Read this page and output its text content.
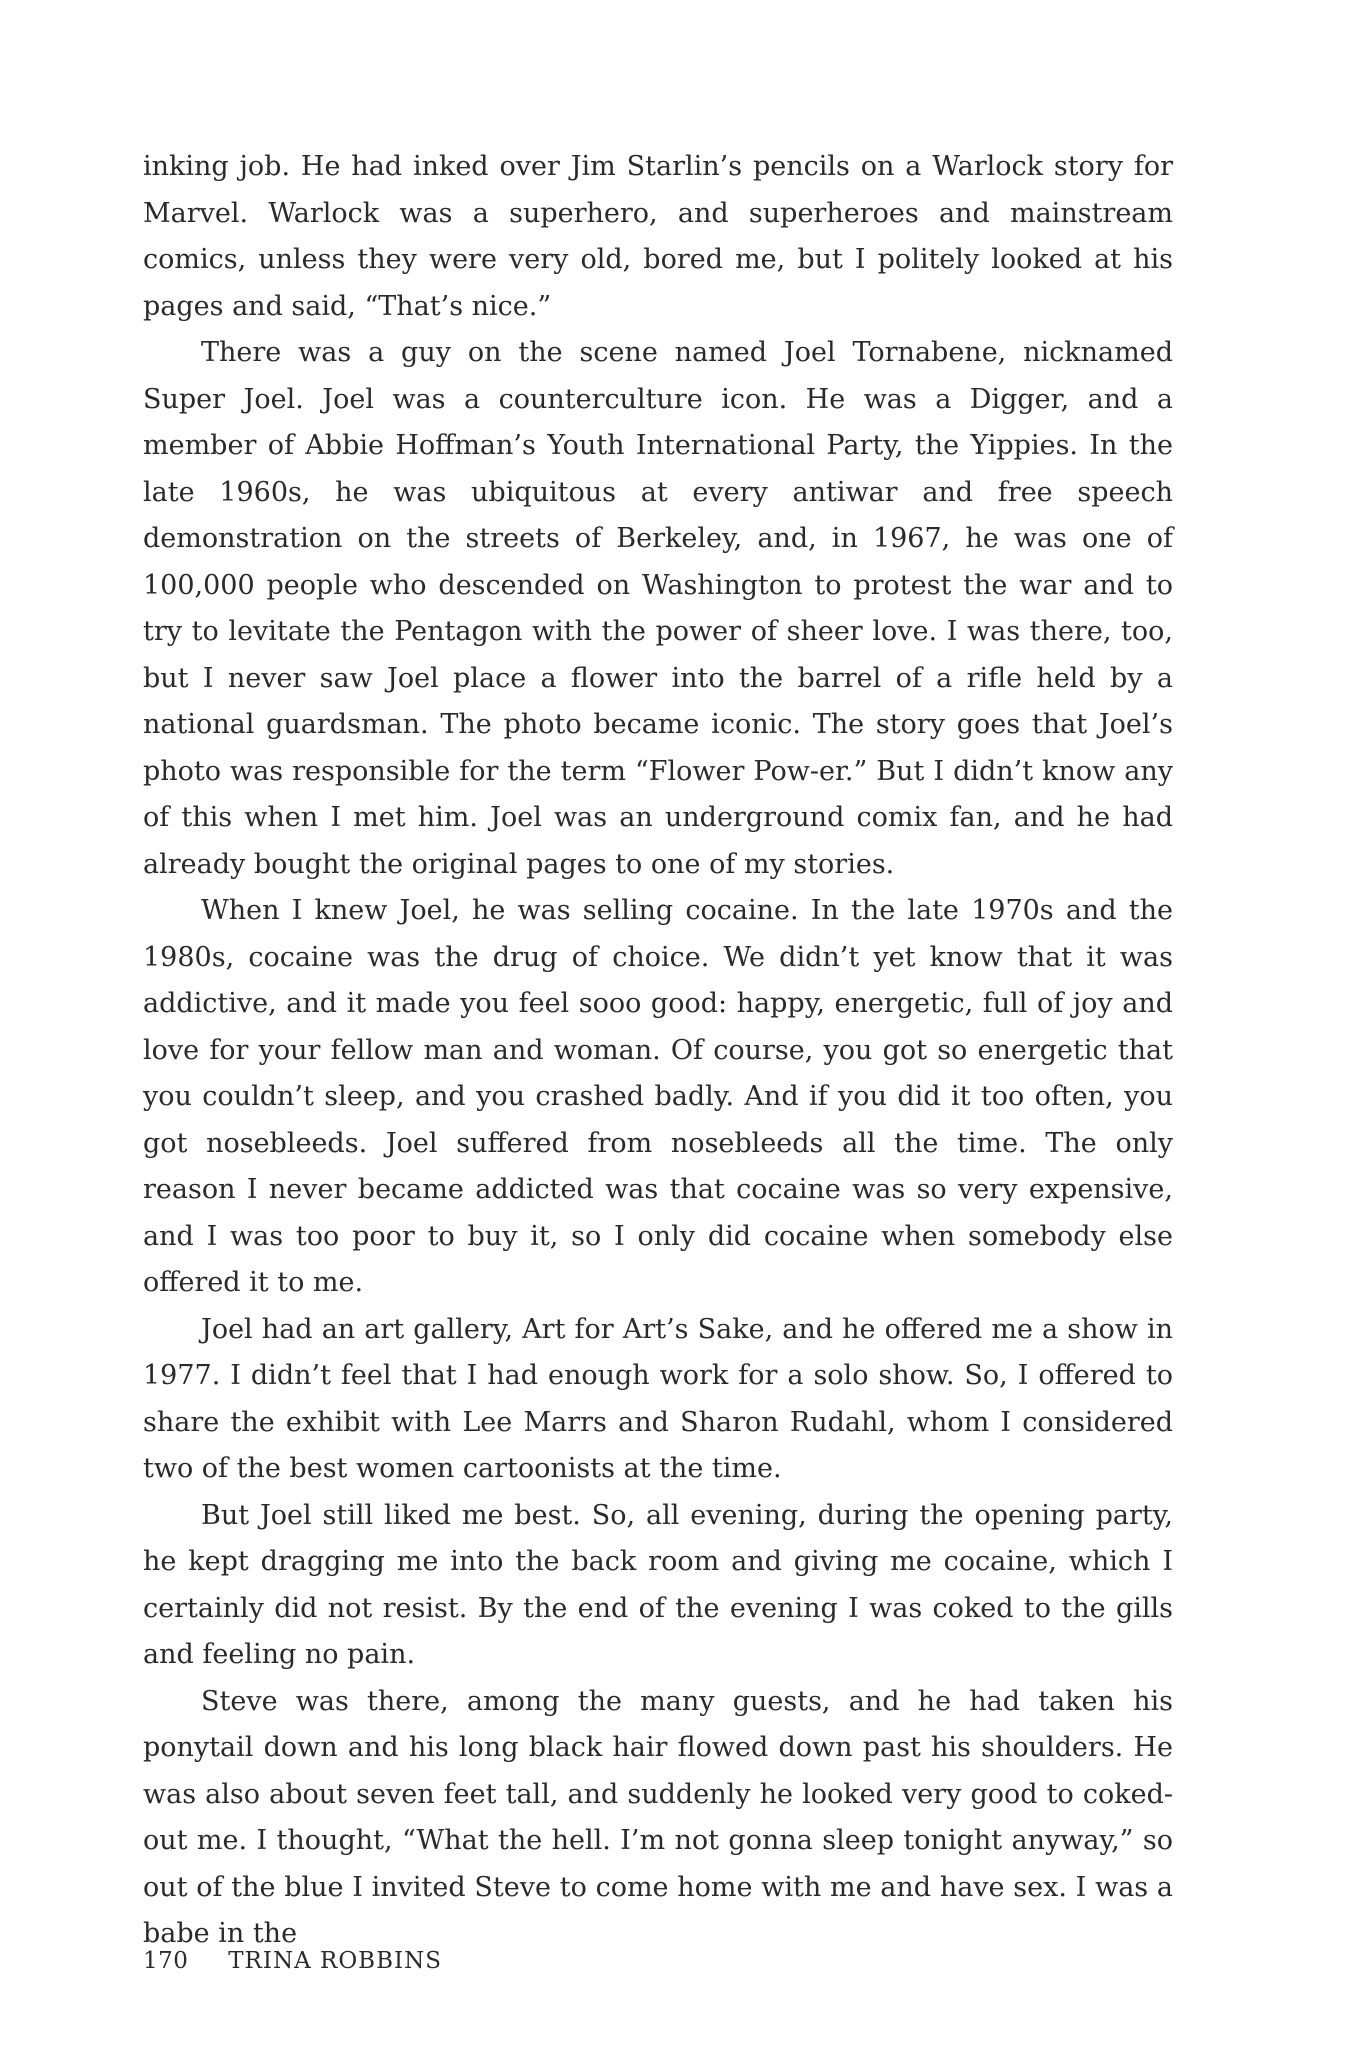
inking job. He had inked over Jim Starlin’s pencils on a Warlock story for Marvel. Warlock was a superhero, and superheroes and mainstream comics, unless they were very old, bored me, but I politely looked at his pages and said, “That’s nice.”

There was a guy on the scene named Joel Tornabene, nicknamed Super Joel. Joel was a counterculture icon. He was a Digger, and a member of Abbie Hoffman’s Youth International Party, the Yippies. In the late 1960s, he was ubiquitous at every antiwar and free speech demonstration on the streets of Berkeley, and, in 1967, he was one of 100,000 people who descended on Washington to protest the war and to try to levitate the Pentagon with the power of sheer love. I was there, too, but I never saw Joel place a flower into the barrel of a rifle held by a national guardsman. The photo became iconic. The story goes that Joel’s photo was responsible for the term “Flower Pow-er.” But I didn’t know any of this when I met him. Joel was an underground comix fan, and he had already bought the original pages to one of my stories.

When I knew Joel, he was selling cocaine. In the late 1970s and the 1980s, cocaine was the drug of choice. We didn’t yet know that it was addictive, and it made you feel sooo good: happy, energetic, full of joy and love for your fellow man and woman. Of course, you got so energetic that you couldn’t sleep, and you crashed badly. And if you did it too often, you got nosebleeds. Joel suffered from nosebleeds all the time. The only reason I never became addicted was that cocaine was so very expensive, and I was too poor to buy it, so I only did cocaine when somebody else offered it to me.

Joel had an art gallery, Art for Art’s Sake, and he offered me a show in 1977. I didn’t feel that I had enough work for a solo show. So, I offered to share the exhibit with Lee Marrs and Sharon Rudahl, whom I considered two of the best women cartoonists at the time.

But Joel still liked me best. So, all evening, during the opening party, he kept dragging me into the back room and giving me cocaine, which I certainly did not resist. By the end of the evening I was coked to the gills and feeling no pain.

Steve was there, among the many guests, and he had taken his ponytail down and his long black hair flowed down past his shoulders. He was also about seven feet tall, and suddenly he looked very good to coked-out me. I thought, “What the hell. I’m not gonna sleep tonight anyway,” so out of the blue I invited Steve to come home with me and have sex. I was a babe in the

170 TRINA ROBBINS
